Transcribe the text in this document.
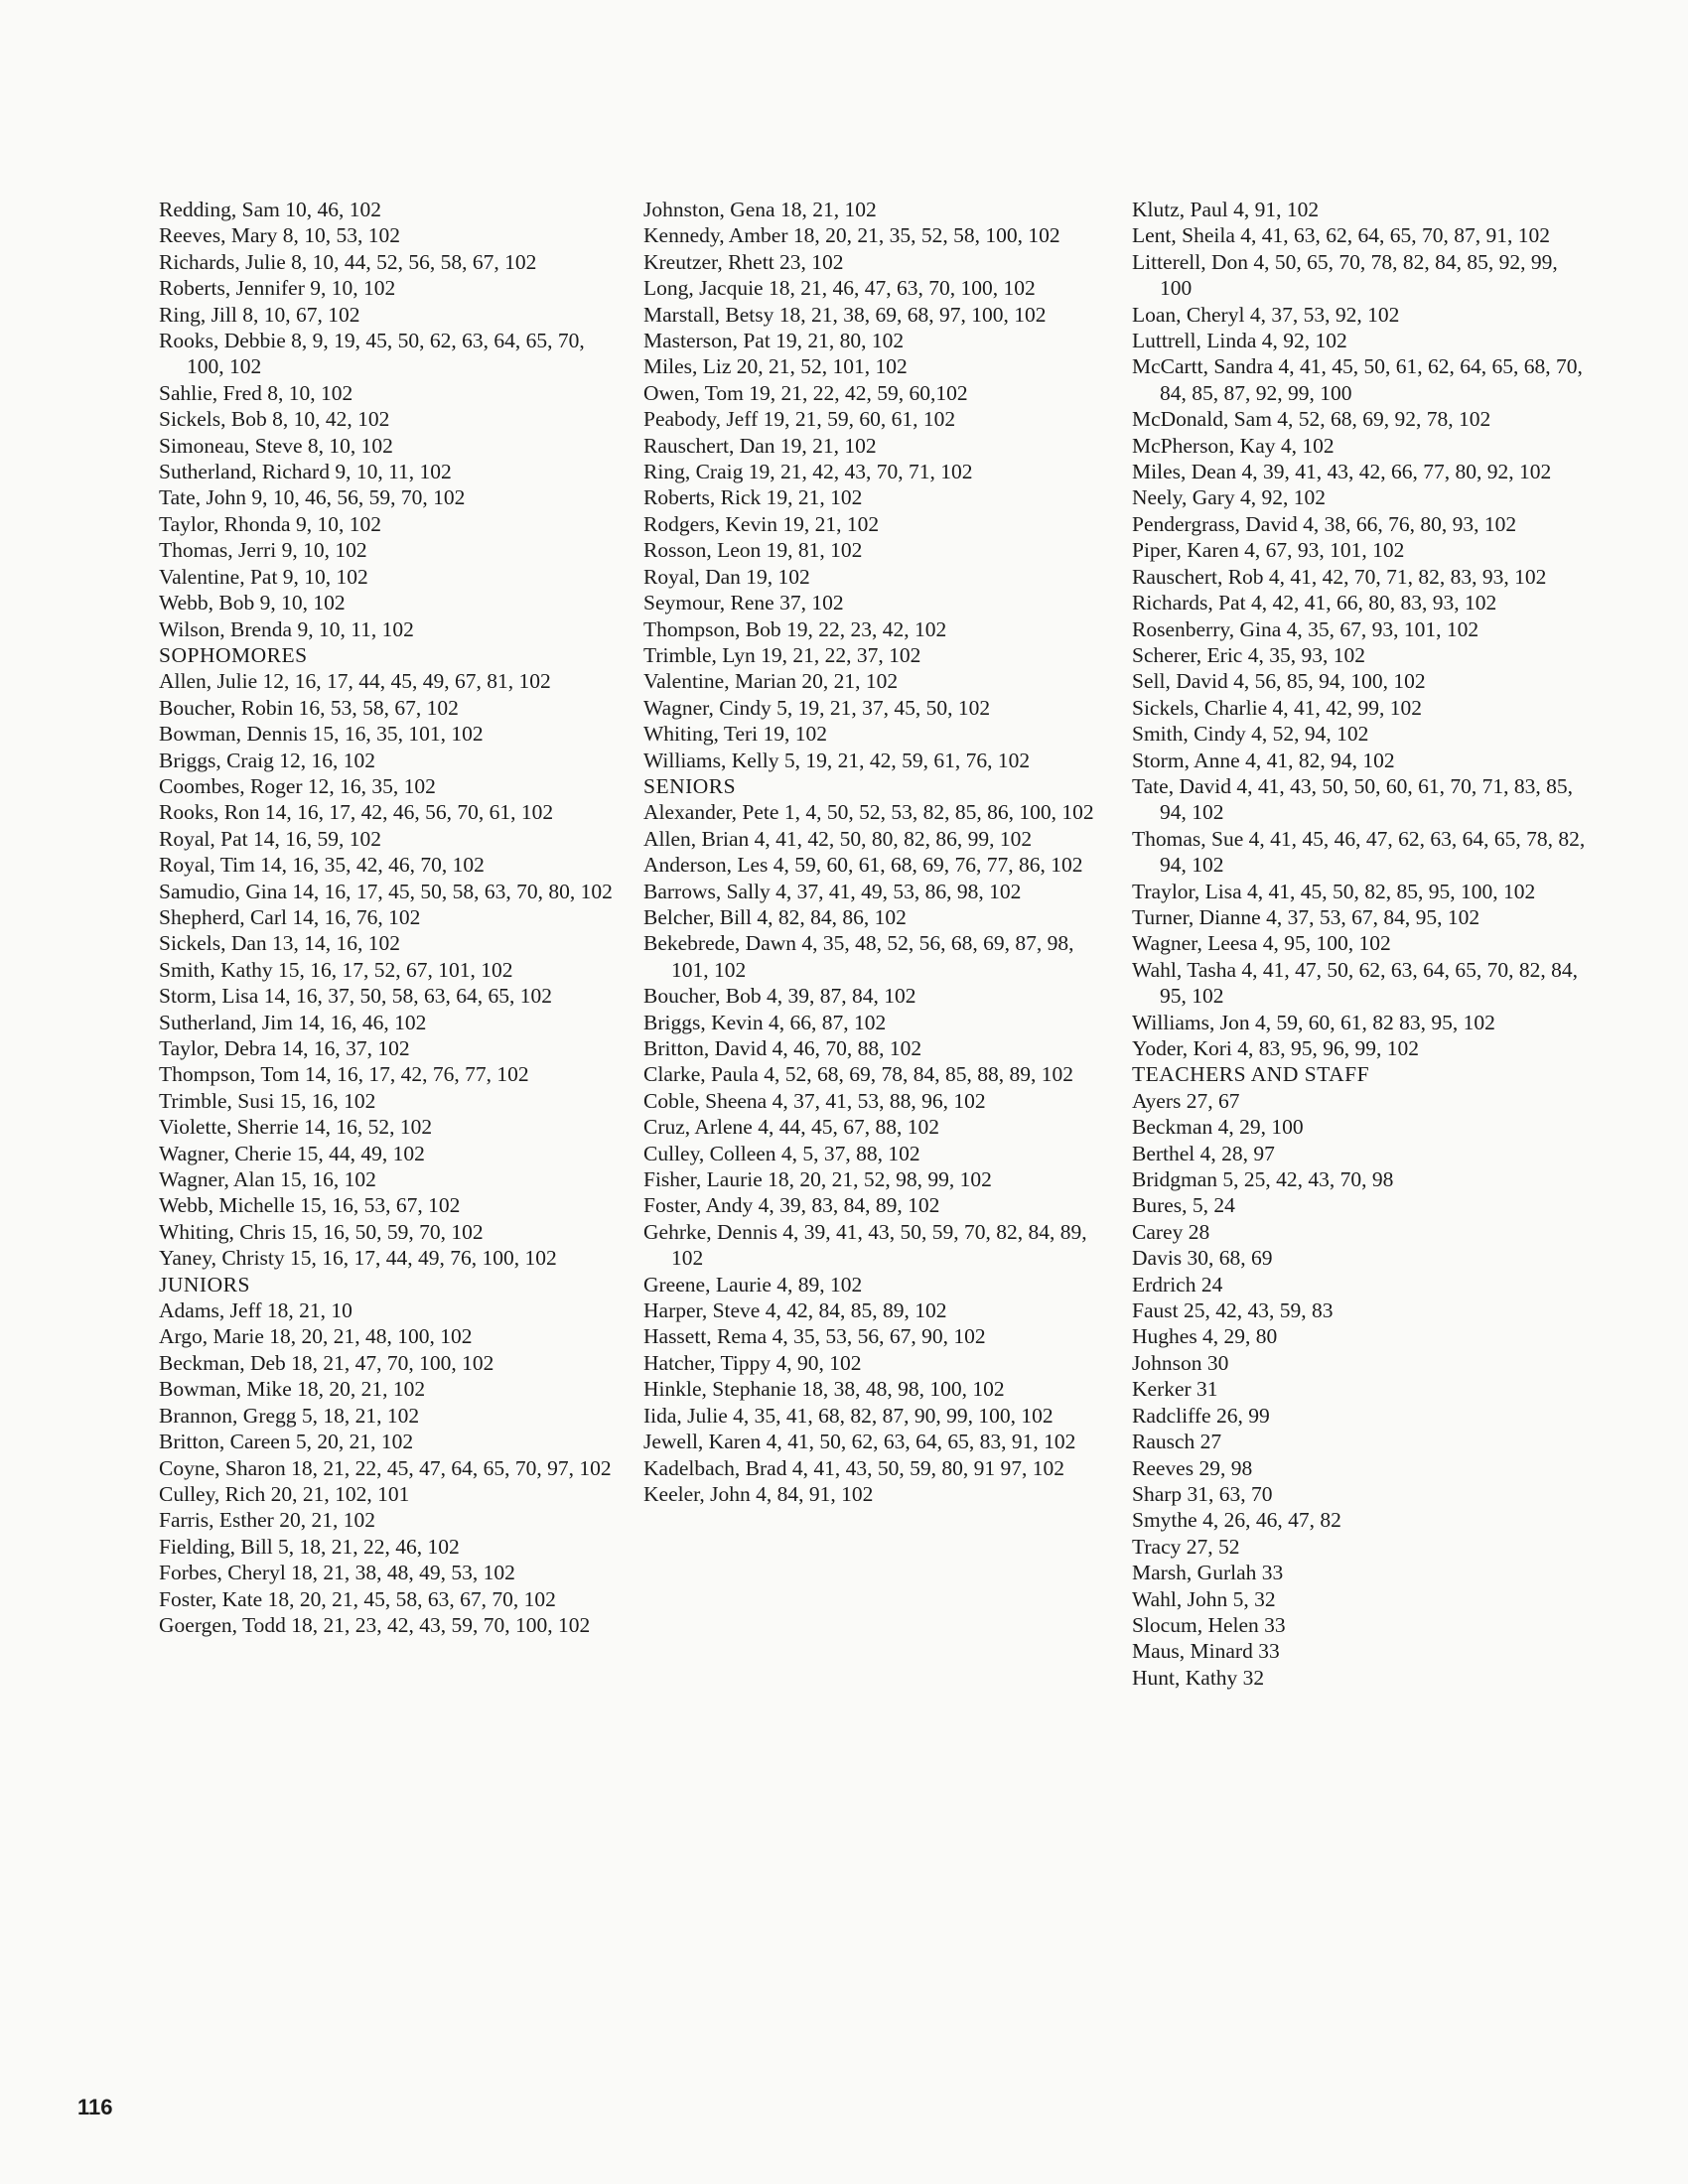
Redding, Sam 10, 46, 102

Reeves, Mary 8, 10, 53, 102

Richards, Julie 8, 10, 44, 52, 56, 58, 67, 102

Roberts, Jennifer 9, 10, 102

Ring, Jill 8, 10, 67, 102

Rooks, Debbie 8, 9, 19, 45, 50, 62, 63, 64, 65, 70, 100, 102

Sahlie, Fred 8, 10, 102

Sickels, Bob 8, 10, 42, 102

Simoneau, Steve 8, 10, 102

Sutherland, Richard 9, 10, 11, 102

Tate, John 9, 10, 46, 56, 59, 70, 102

Taylor, Rhonda 9, 10, 102

Thomas, Jerri 9, 10, 102

Valentine, Pat 9, 10, 102

Webb, Bob 9, 10, 102

Wilson, Brenda 9, 10, 11, 102

SOPHOMORES

Allen, Julie 12, 16, 17, 44, 45, 49, 67, 81, 102

Boucher, Robin 16, 53, 58, 67, 102

Bowman, Dennis 15, 16, 35, 101, 102

Briggs, Craig 12, 16, 102

Coombes, Roger 12, 16, 35, 102

Rooks, Ron 14, 16, 17, 42, 46, 56, 70, 61, 102

Royal, Pat 14, 16, 59, 102

Royal, Tim 14, 16, 35, 42, 46, 70, 102

Samudio, Gina 14, 16, 17, 45, 50, 58, 63, 70, 80, 102

Shepherd, Carl 14, 16, 76, 102

Sickels, Dan 13, 14, 16, 102

Smith, Kathy 15, 16, 17, 52, 67, 101, 102

Storm, Lisa 14, 16, 37, 50, 58, 63, 64, 65, 102

Sutherland, Jim 14, 16, 46, 102

Taylor, Debra 14, 16, 37, 102

Thompson, Tom 14, 16, 17, 42, 76, 77, 102

Trimble, Susi 15, 16, 102

Violette, Sherrie 14, 16, 52, 102

Wagner, Cherie 15, 44, 49, 102

Wagner, Alan 15, 16, 102

Webb, Michelle 15, 16, 53, 67, 102

Whiting, Chris 15, 16, 50, 59, 70, 102

Yaney, Christy 15, 16, 17, 44, 49, 76, 100, 102

JUNIORS

Adams, Jeff 18, 21, 10

Argo, Marie 18, 20, 21, 48, 100, 102

Beckman, Deb 18, 21, 47, 70, 100, 102

Bowman, Mike 18, 20, 21, 102

Brannon, Gregg 5, 18, 21, 102

Britton, Careen 5, 20, 21, 102

Coyne, Sharon 18, 21, 22, 45, 47, 64, 65, 70, 97, 102

Culley, Rich 20, 21, 102, 101

Farris, Esther 20, 21, 102

Fielding, Bill 5, 18, 21, 22, 46, 102

Forbes, Cheryl 18, 21, 38, 48, 49, 53, 102

Foster, Kate 18, 20, 21, 45, 58, 63, 67, 70, 102

Goergen, Todd 18, 21, 23, 42, 43, 59, 70, 100, 102

Johnston, Gena 18, 21, 102

Kennedy, Amber 18, 20, 21, 35, 52, 58, 100, 102

Kreutzer, Rhett 23, 102

Long, Jacquie 18, 21, 46, 47, 63, 70, 100, 102

Marstall, Betsy 18, 21, 38, 69, 68, 97, 100, 102

Masterson, Pat 19, 21, 80, 102

Miles, Liz 20, 21, 52, 101, 102

Owen, Tom 19, 21, 22, 42, 59, 60,102

Peabody, Jeff 19, 21, 59, 60, 61, 102

Rauschert, Dan 19, 21, 102

Ring, Craig 19, 21, 42, 43, 70, 71, 102

Roberts, Rick 19, 21, 102

Rodgers, Kevin 19, 21, 102

Rosson, Leon 19, 81, 102

Royal, Dan 19, 102

Seymour, Rene 37, 102

Thompson, Bob 19, 22, 23, 42, 102

Trimble, Lyn 19, 21, 22, 37, 102

Valentine, Marian 20, 21, 102

Wagner, Cindy 5, 19, 21, 37, 45, 50, 102

Whiting, Teri 19, 102

Williams, Kelly 5, 19, 21, 42, 59, 61, 76, 102

SENIORS

Alexander, Pete 1, 4, 50, 52, 53, 82, 85, 86, 100, 102

Allen, Brian 4, 41, 42, 50, 80, 82, 86, 99, 102

Anderson, Les 4, 59, 60, 61, 68, 69, 76, 77, 86, 102

Barrows, Sally 4, 37, 41, 49, 53, 86, 98, 102

Belcher, Bill 4, 82, 84, 86, 102

Bekebrede, Dawn 4, 35, 48, 52, 56, 68, 69, 87, 98, 101, 102

Boucher, Bob 4, 39, 87, 84, 102

Briggs, Kevin 4, 66, 87, 102

Britton, David 4, 46, 70, 88, 102

Clarke, Paula 4, 52, 68, 69, 78, 84, 85, 88, 89, 102

Coble, Sheena 4, 37, 41, 53, 88, 96, 102

Cruz, Arlene 4, 44, 45, 67, 88, 102

Culley, Colleen 4, 5, 37, 88, 102

Fisher, Laurie 18, 20, 21, 52, 98, 99, 102

Foster, Andy 4, 39, 83, 84, 89, 102

Gehrke, Dennis 4, 39, 41, 43, 50, 59, 70, 82, 84, 89, 102

Greene, Laurie 4, 89, 102

Harper, Steve 4, 42, 84, 85, 89, 102

Hassett, Rema 4, 35, 53, 56, 67, 90, 102

Hatcher, Tippy 4, 90, 102

Hinkle, Stephanie 18, 38, 48, 98, 100, 102

Iida, Julie 4, 35, 41, 68, 82, 87, 90, 99, 100, 102

Jewell, Karen 4, 41, 50, 62, 63, 64, 65, 83, 91, 102

Kadelbach, Brad 4, 41, 43, 50, 59, 80, 91 97, 102

Keeler, John 4, 84, 91, 102

Klutz, Paul 4, 91, 102

Lent, Sheila 4, 41, 63, 62, 64, 65, 70, 87, 91, 102

Litterell, Don 4, 50, 65, 70, 78, 82, 84, 85, 92, 99, 100

Loan, Cheryl 4, 37, 53, 92, 102

Luttrell, Linda 4, 92, 102

McCartt, Sandra 4, 41, 45, 50, 61, 62, 64, 65, 68, 70, 84, 85, 87, 92, 99, 100

McDonald, Sam 4, 52, 68, 69, 92, 78, 102

McPherson, Kay 4, 102

Miles, Dean 4, 39, 41, 43, 42, 66, 77, 80, 92, 102

Neely, Gary 4, 92, 102

Pendergrass, David 4, 38, 66, 76, 80, 93, 102

Piper, Karen 4, 67, 93, 101, 102

Rauschert, Rob 4, 41, 42, 70, 71, 82, 83, 93, 102

Richards, Pat 4, 42, 41, 66, 80, 83, 93, 102

Rosenberry, Gina 4, 35, 67, 93, 101, 102

Scherer, Eric 4, 35, 93, 102

Sell, David 4, 56, 85, 94, 100, 102

Sickels, Charlie 4, 41, 42, 99, 102

Smith, Cindy 4, 52, 94, 102

Storm, Anne 4, 41, 82, 94, 102

Tate, David 4, 41, 43, 50, 50, 60, 61, 70, 71, 83, 85, 94, 102

Thomas, Sue 4, 41, 45, 46, 47, 62, 63, 64, 65, 78, 82, 94, 102

Traylor, Lisa 4, 41, 45, 50, 82, 85, 95, 100, 102

Turner, Dianne 4, 37, 53, 67, 84, 95, 102

Wagner, Leesa 4, 95, 100, 102

Wahl, Tasha 4, 41, 47, 50, 62, 63, 64, 65, 70, 82, 84, 95, 102

Williams, Jon 4, 59, 60, 61, 82 83, 95, 102

Yoder, Kori 4, 83, 95, 96, 99, 102

TEACHERS AND STAFF

Ayers 27, 67

Beckman 4, 29, 100

Berthel 4, 28, 97

Bridgman 5, 25, 42, 43, 70, 98

Bures, 5, 24

Carey 28

Davis 30, 68, 69

Erdrich 24

Faust 25, 42, 43, 59, 83

Hughes 4, 29, 80

Johnson 30

Kerker 31

Radcliffe 26, 99

Rausch 27

Reeves 29, 98

Sharp 31, 63, 70

Smythe 4, 26, 46, 47, 82

Tracy 27, 52

Marsh, Gurlah 33

Wahl, John 5, 32

Slocum, Helen 33

Maus, Minard 33

Hunt, Kathy 32

116
